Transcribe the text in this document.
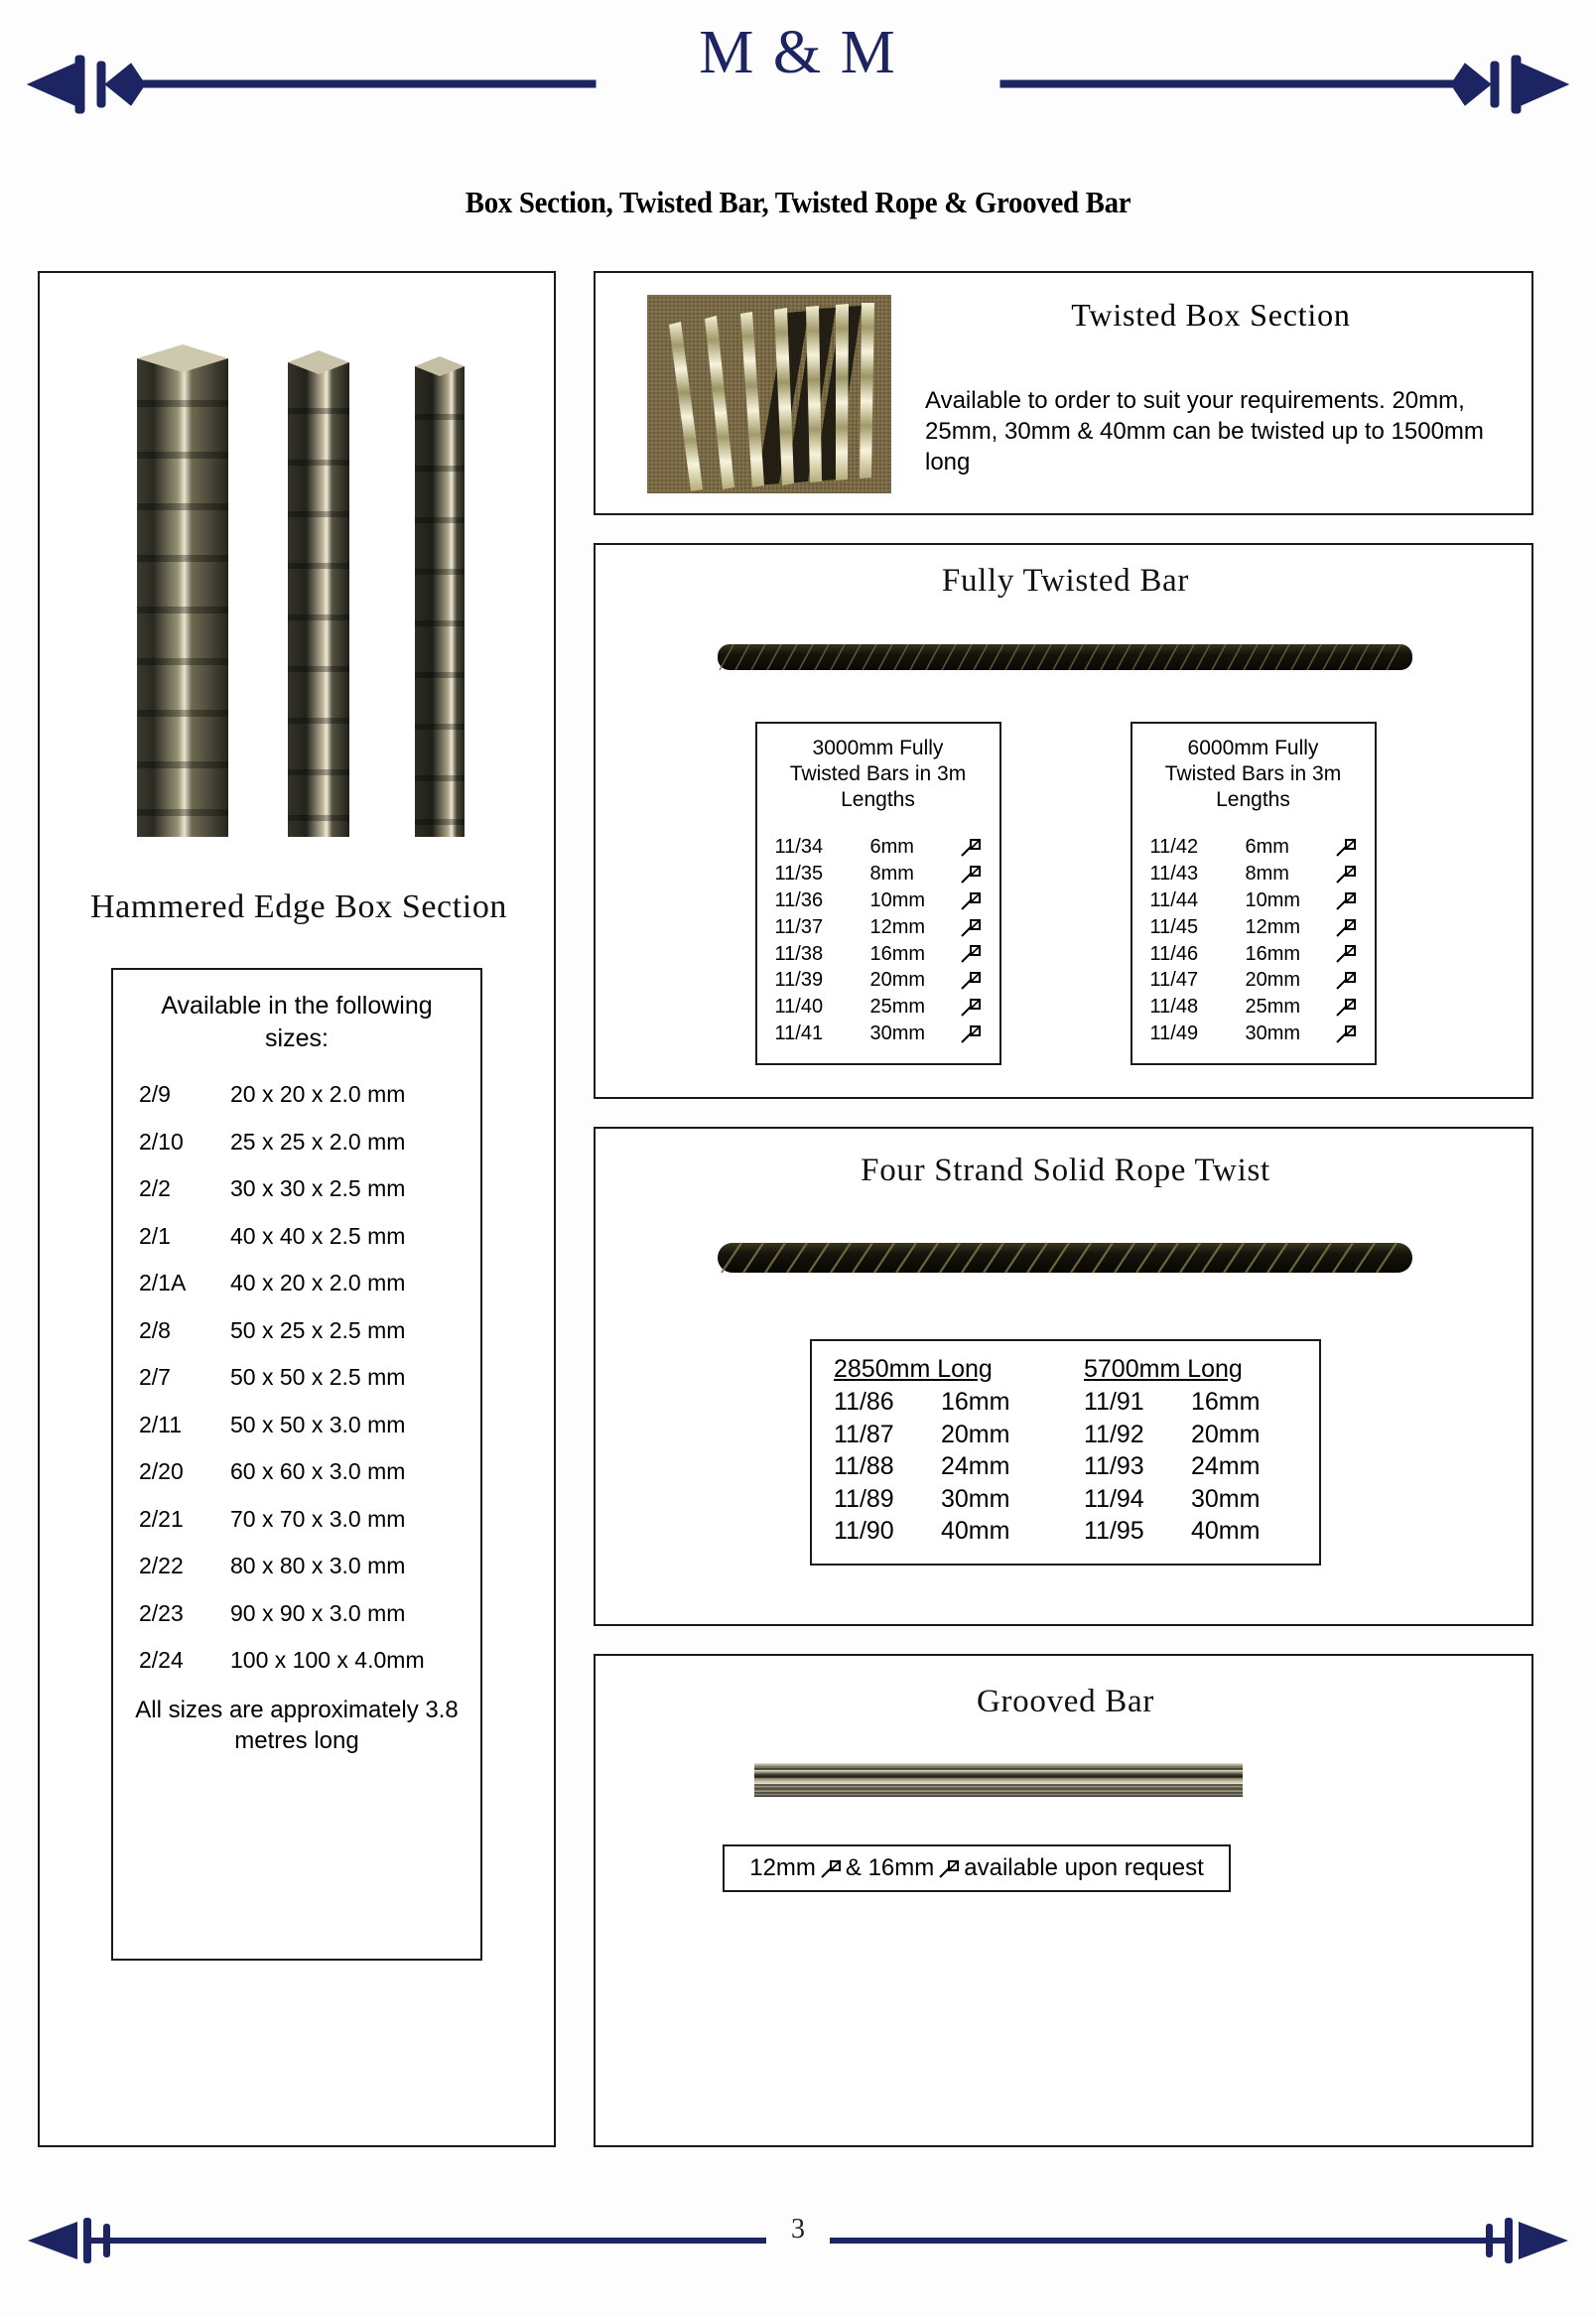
M & M
Box Section, Twisted Bar, Twisted Rope & Grooved Bar
Hammered Edge Box Section
Available in the following
sizes:
2/9	20 x 20 x 2.0 mm
2/10	25 x 25 x 2.0 mm
2/2	30 x 30 x 2.5 mm
2/1	40 x 40 x 2.5 mm
2/1A	40 x 20 x 2.0 mm
2/8	50 x 25 x 2.5 mm
2/7	50 x 50 x 2.5 mm
2/11	50 x 50 x 3.0 mm
2/20	60 x 60 x 3.0 mm
2/21	70 x 70 x 3.0 mm
2/22	80 x 80 x 3.0 mm
2/23	90 x 90 x 3.0 mm
2/24	100 x 100 x 4.0mm
All sizes are approximately 3.8 metres long
Twisted Box Section
Available to order to suit your requirements. 20mm, 25mm, 30mm & 40mm can be twisted up to 1500mm long
Fully Twisted Bar
3000mm Fully Twisted Bars in 3m Lengths
11/34	6mm
11/35	8mm
11/36	10mm
11/37	12mm
11/38	16mm
11/39	20mm
11/40	25mm
11/41	30mm
6000mm Fully Twisted Bars in 3m Lengths
11/42	6mm
11/43	8mm
11/44	10mm
11/45	12mm
11/46	16mm
11/47	20mm
11/48	25mm
11/49	30mm
Four Strand Solid Rope Twist
2850mm Long
11/86	16mm
11/87	20mm
11/88	24mm
11/89	30mm
11/90	40mm
5700mm Long
11/91	16mm
11/92	20mm
11/93	24mm
11/94	30mm
11/95	40mm
Grooved Bar
12mm & 16mm available upon request
3
